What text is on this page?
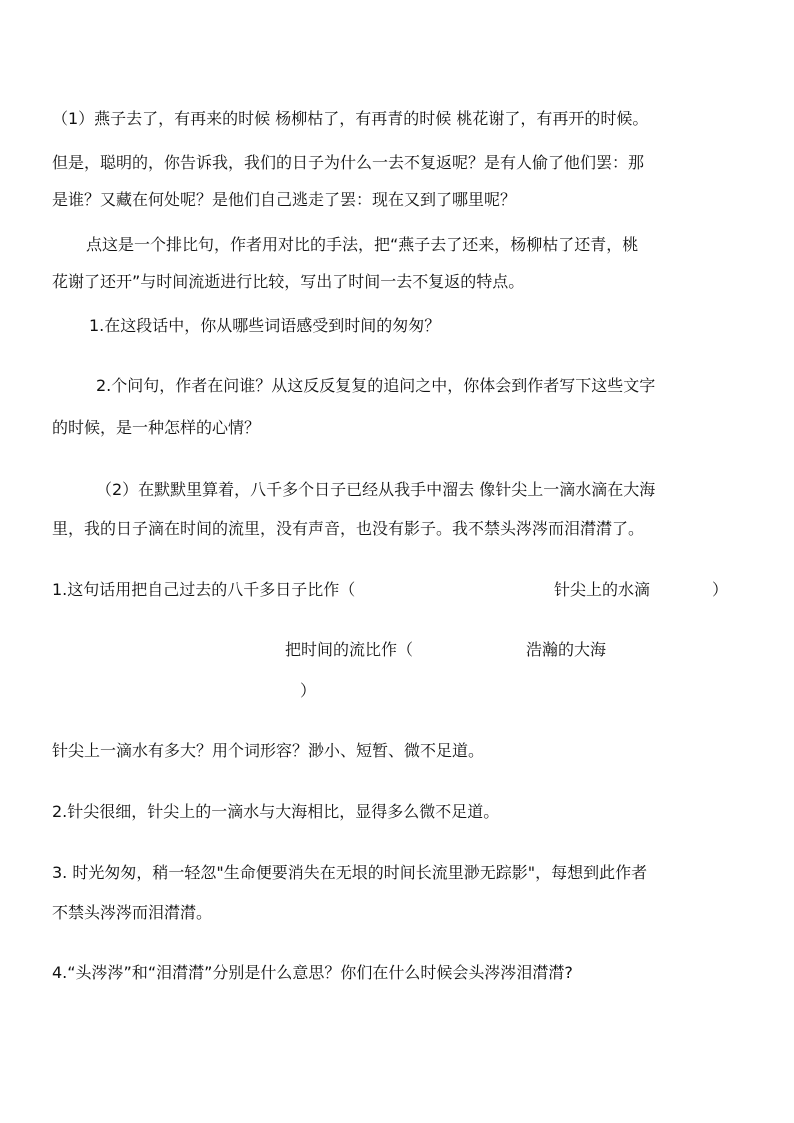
（1）燕子去了，有再来的时候 杨柳枯了，有再青的时候 桃花谢了，有再开的时候。
但是，聪明的，你告诉我，我们的日子为什么一去不复返呢？是有人偷了他们罢：那
是谁？又藏在何处呢？是他们自己逃走了罢：现在又到了哪里呢？
点这是一个排比句，作者用对比的手法，把“燕子去了还来，杨柳枯了还青，桃
花谢了还开”与时间流逝进行比较，写出了时间一去不复返的特点。
1.在这段话中，你从哪些词语感受到时间的匆匆？
2.个问句，作者在问谁？从这反反复复的追问之中，你体会到作者写下这些文字
的时候，是一种怎样的心情？
（2）在默默里算着，八千多个日子已经从我手中溜去 像针尖上一滴水滴在大海
里，我的日子滴在时间的流里，没有声音，也没有影子。我不禁头涔涔而泪潸潸了。
1.这句话用把自己过去的八千多日子比作（	针尖上的水滴	）
把时间的流比作（	浩瀚的大海
）
针尖上一滴水有多大？用个词形容？渺小、短暂、微不足道。
2.针尖很细，针尖上的一滴水与大海相比，显得多么微不足道。
3. 时光匆匆，稍一轻忽"生命便要消失在无垠的时间长流里渺无踪影"，每想到此作者
不禁头涔涔而泪潸潸。
4.“头涔涔”和“泪潸潸”分别是什么意思？你们在什么时候会头涔涔泪潸潸?
